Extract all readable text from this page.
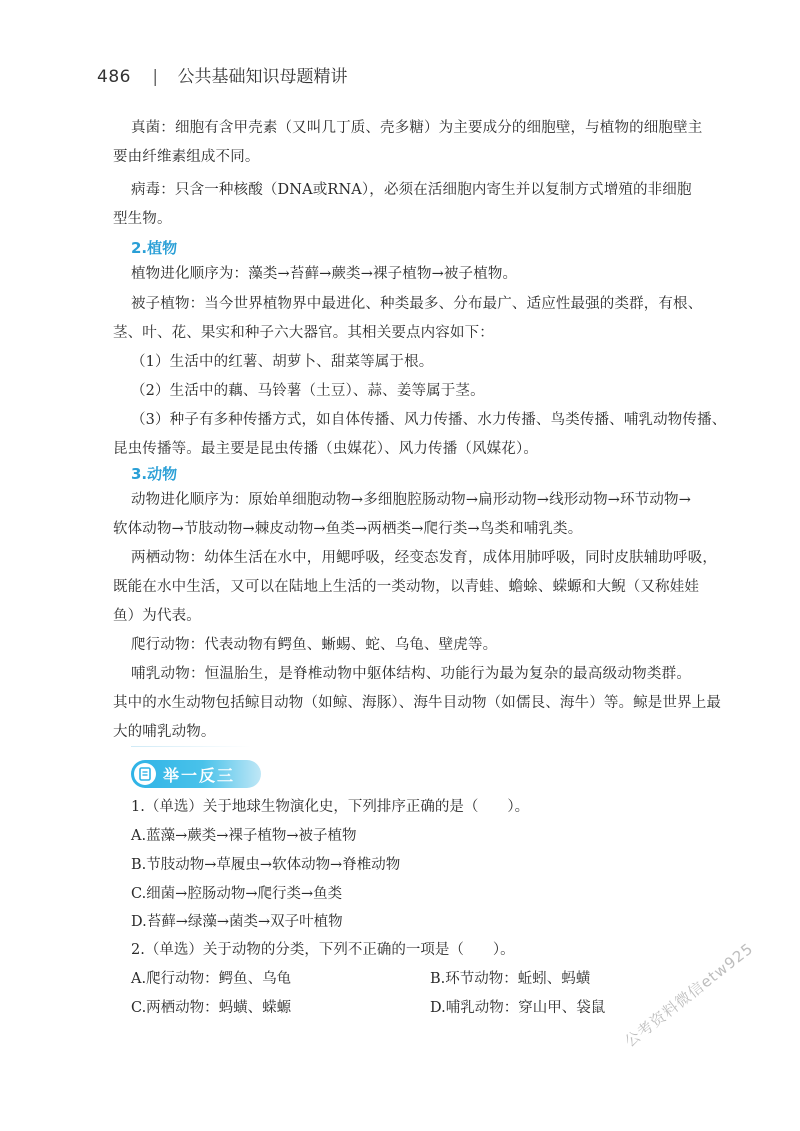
486 | 公共基础知识母题精讲
真菌：细胞有含甲壳素（又叫几丁质、壳多糖）为主要成分的细胞壁，与植物的细胞壁主
要由纤维素组成不同。
病毒：只含一种核酸（DNA或RNA），必须在活细胞内寄生并以复制方式增殖的非细胞
型生物。
2.植物
植物进化顺序为：藻类→苔藓→蕨类→裸子植物→被子植物。
被子植物：当今世界植物界中最进化、种类最多、分布最广、适应性最强的类群，有根、
茎、叶、花、果实和种子六大器官。其相关要点内容如下：
（1）生活中的红薯、胡萝卜、甜菜等属于根。
（2）生活中的藕、马铃薯（土豆）、蒜、姜等属于茎。
（3）种子有多种传播方式，如自体传播、风力传播、水力传播、鸟类传播、哺乳动物传播、
昆虫传播等。最主要是昆虫传播（虫媒花）、风力传播（风媒花）。
3.动物
动物进化顺序为：原始单细胞动物→多细胞腔肠动物→扁形动物→线形动物→环节动物→
软体动物→节肢动物→棘皮动物→鱼类→两栖类→爬行类→鸟类和哺乳类。
两栖动物：幼体生活在水中，用鳃呼吸，经变态发育，成体用肺呼吸，同时皮肤辅助呼吸，
既能在水中生活，又可以在陆地上生活的一类动物，以青蛙、蟾蜍、蝾螈和大鲵（又称娃娃
鱼）为代表。
爬行动物：代表动物有鳄鱼、蜥蜴、蛇、乌龟、壁虎等。
哺乳动物：恒温胎生，是脊椎动物中躯体结构、功能行为最为复杂的最高级动物类群。
其中的水生动物包括鲸目动物（如鲸、海豚）、海牛目动物（如儒艮、海牛）等。鲸是世界上最
大的哺乳动物。
举一反三
1.（单选）关于地球生物演化史，下列排序正确的是（　　）。
A.蓝藻→蕨类→裸子植物→被子植物
B.节肢动物→草履虫→软体动物→脊椎动物
C.细菌→腔肠动物→爬行类→鱼类
D.苔藓→绿藻→菌类→双子叶植物
2.（单选）关于动物的分类，下列不正确的一项是（　　）。
A.爬行动物：鳄鱼、乌龟	B.环节动物：蚯蚓、蚂蟥
C.两栖动物：蚂蟥、蝾螈	D.哺乳动物：穿山甲、袋鼠 公考资料微信etw925
